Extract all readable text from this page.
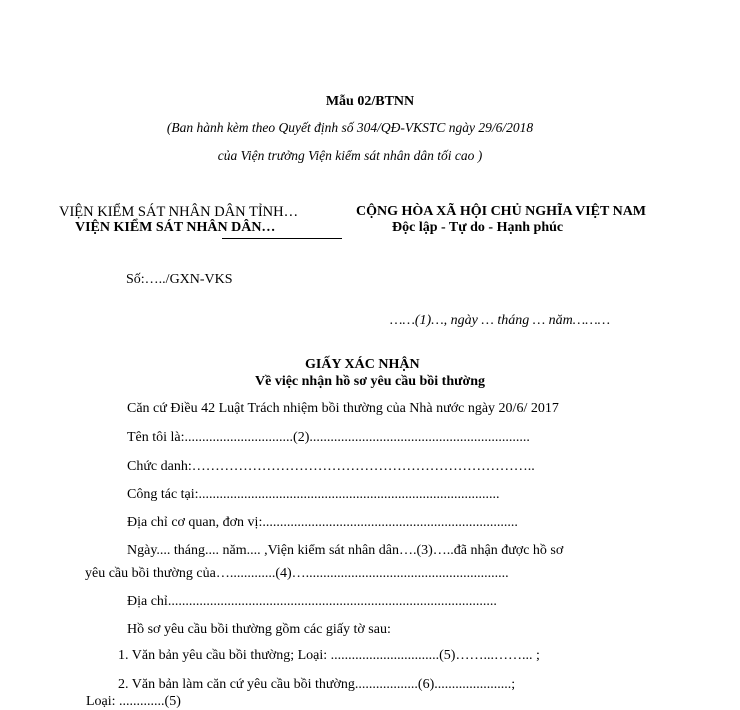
Mẫu 02/BTNN
(Ban hành kèm theo Quyết định số 304/QĐ-VKSTC ngày 29/6/2018
của Viện trưởng Viện kiểm sát nhân dân tối cao )
VIỆN KIỂM SÁT NHÂN DÂN TỈNH…
VIỆN KIỂM SÁT NHÂN DÂN…
CỘNG HÒA XÃ HỘI CHỦ NGHĨA VIỆT NAM
Độc lập - Tự do - Hạnh phúc
Số:…../GXN-VKS
……(1)…, ngày … tháng … năm………
GIẤY XÁC NHẬN
Về việc nhận hồ sơ yêu cầu bồi thường
Căn cứ Điều 42 Luật Trách nhiệm bồi thường của Nhà nước ngày 20/6/ 2017
Tên tôi là:...............................(2)...............................................................
Chức danh:………………………………………………………………..
Công tác tại:......................................................................................
Địa chỉ cơ quan, đơn vị:.........................................................................
Ngày.... tháng.... năm.... ,Viện kiểm sát nhân dân….(3)…..đã nhận được hồ sơ
yêu cầu bồi thường của….............(4)…..........................................................
Địa chỉ..............................................................................................
Hồ sơ yêu cầu bồi thường gồm các giấy tờ sau:
1. Văn bản yêu cầu bồi thường; Loại: ...............................(5)……...……... ;
2. Văn bản làm căn cứ yêu cầu bồi thường..................(6)......................;
Loại: .............(5)
